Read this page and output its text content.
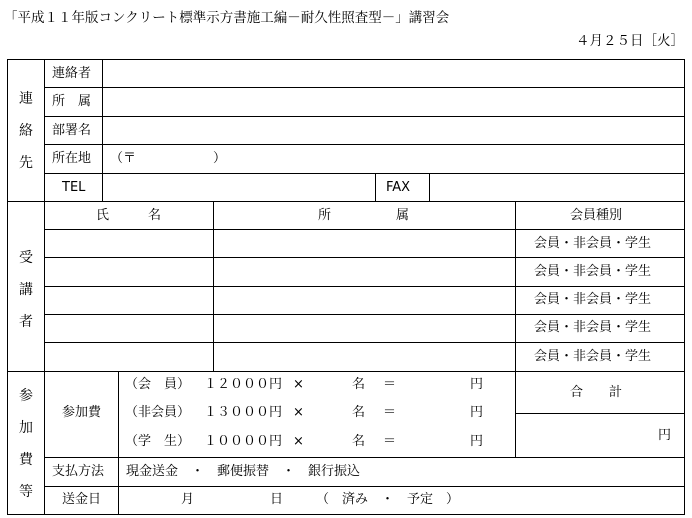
「平成１１年版コンクリート標準示方書施工編－耐久性照査型－」講習会
４月２５日［火］
連
絡
先
連絡者
所　属
部署名
所在地 （〒	）
TEL	FAX
受
講
者
氏　　　名	所　　　　　属	会員種別
会員・非会員・学生
会員・非会員・学生
会員・非会員・学生
会員・非会員・学生
会員・非会員・学生
参
加
費
等
参加費
（会　員） １２０００円 ×	名 ＝	円
（非会員） １３０００円 ×	名 ＝	円
（学　生） １００００円 ×	名 ＝	円
合　　計
円
支払方法 現金送金　・　郵便振替　・　銀行振込
送金日	月	日	（　済み　・　予定　）
